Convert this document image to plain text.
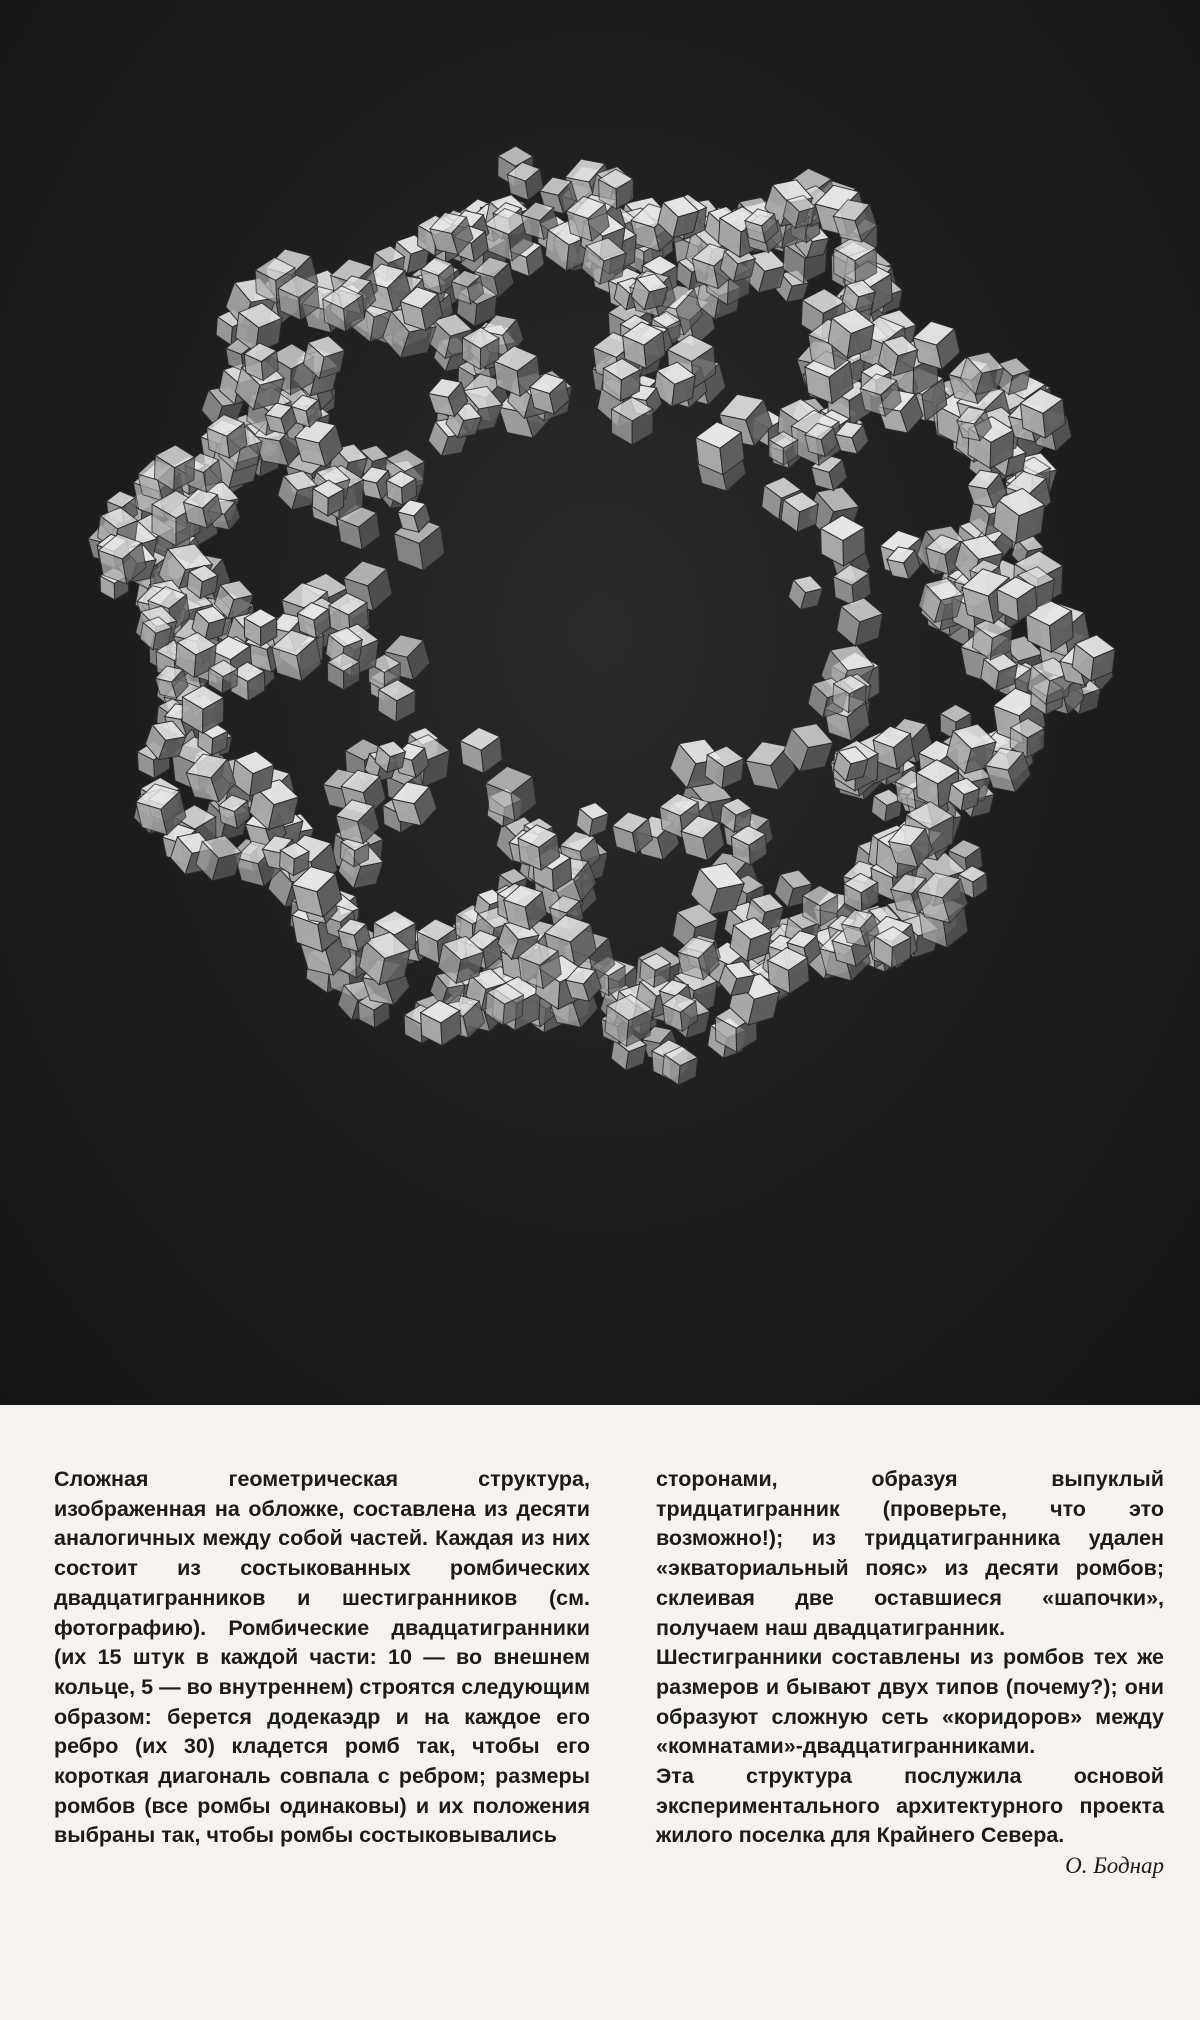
Сложная геометрическая структура, изображенная на обложке, составлена из десяти аналогичных между собой частей. Каждая из них состоит из состыкованных ромбических двадцатигранников и шестигранников (см. фотографию). Ромбические двадцатигранники (их 15 штук в каждой части: 10 — во внешнем кольце, 5 — во внутреннем) строятся следующим образом: берется додекаэдр и на каждое его ребро (их 30) кладется ромб так, чтобы его короткая диагональ совпала с ребром; размеры ромбов (все ромбы одинаковы) и их положения выбраны так, чтобы ромбы состыковывались

сторонами, образуя выпуклый тридцатигранник (проверьте, что это возможно!); из тридцатигранника удален «экваториальный пояс» из десяти ромбов; склеивая две оставшиеся «шапочки», получаем наш двадцатигранник.

Шестигранники составлены из ромбов тех же размеров и бывают двух типов (почему?); они образуют сложную сеть «коридоров» между «комнатами»-двадцатигранниками.

Эта структура послужила основой экспериментального архитектурного проекта жилого поселка для Крайнего Севера.

О. Боднар
